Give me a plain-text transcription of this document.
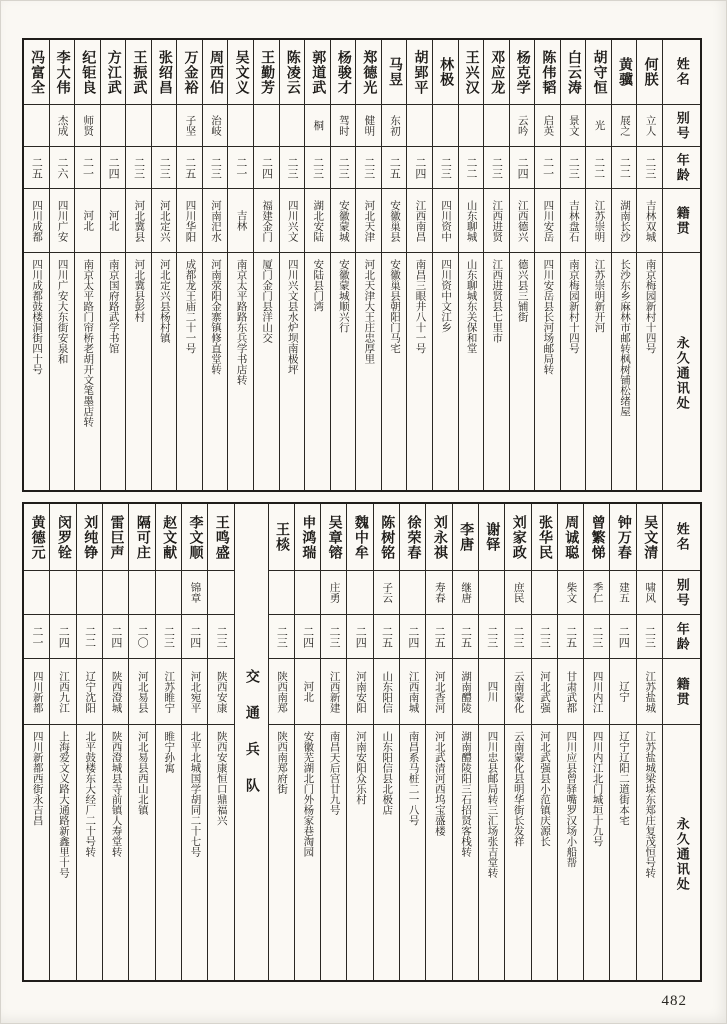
姓名
别号
年龄
籍贯
永久通讯处
何朕
立人
二三
吉林双城
南京梅园新村十四号
黄骥
展之
二二
湖南长沙
长沙东乡麻林市邮转枫树铺松绪屋
胡守恒
光
二二
江苏崇明
江苏崇明新开河
白云涛
景文
二三
吉林盘石
南京梅园新村十四号
陈伟韬
启英
二一
四川安岳
四川安岳县长河场邮局转
杨克学
云吟
二四
江西德兴
德兴县三铺街
邓应龙
二三
江西进贤
江西进贤县七里市
王兴汉
二二
山东聊城
山东聊城东关保和堂
林极
二三
四川资中
四川资中文江乡
胡郢平
二四
江西南昌
南昌三眼井八十一号
马昱
东初
二五
安徽巢县
安徽巢县朝阳门马宅
郑德光
健明
二三
河北天津
河北天津大王庄忠厚里
杨骏才
驾时
二三
安徽蒙城
安徽蒙城顺兴行
郭道武
桐
二三
湖北安陆
安陆县门湾
陈凌云
二三
四川兴文
四川兴文县水炉坝南极坪
王勤芳
二四
福建金门
厦门金门县洋山交
吴文义
二一
吉林
南京太平路路东兵学书店转
周西伯
治岐
二三
河南汜水
河南荥阳金寨镇修直堂转
万金裕
子坚
二五
四川华阳
成都龙王庙二十一号
张绍昌
二三
河北定兴
河北定兴县杨村镇
王振武
二三
河北冀县
河北冀县彭村
方江武
二四
河北
南京国府路武学书馆
纪钜良
师贤
二一
河北
南京太平路门帘桥老胡开文笔墨店转
李大伟
杰成
二六
四川广安
四川广安大东街安泉和
冯富全
二五
四川成都
四川成都鼓楼洞街四十号
姓名
别号
年龄
籍贯
永久通讯处
吴文清
啸风
二三
江苏盐城
江苏盐城梁垛东郑庄复茂恒号转
钟万春
建五
二四
辽宁
辽宁辽阳二道街本宅
曾繁悌
季仁
二三
四川内江
四川内江北门城垣十九号
周诚聪
柴文
二五
甘肃武都
四川应县曾驿嘴罗汉场小船帮
张华民
二三
河北武强
河北武强县小范镇庆源长
刘家政
庶民
二三
云南蒙化
云南蒙化县明华街长发祥
谢铎
二三
四川
四川忠县邮局转三汇场张吉堂转
李唐
继唐
二五
湖南醴陵
湖南醴陵阳三石招贤客栈转
刘永祺
寿春
二五
河北香河
河北武清河西坞宝盛楼
徐荣春
二四
江西南城
南昌系马桩二一八号
陈树铭
子云
二五
山东阳信
山东阳信县北极店
魏中牟
二四
河南安阳
河南安阳众乐村
吴章镕
庄勇
二三
江西新建
南昌天后宫廿九号
申鸿瑞
二四
河北
安徽芜湖北门外杨家巷淘园
王棪
二三
陕西南郑
陕西南郑府街
交通兵队
王鸣盛
二三
陕西安康
陕西安康恒口鼎福兴
李文顺
锦章
二四
河北宛平
北平北城国学胡同二十七号
赵文献
二三
江苏睢宁
睢宁孙寓
隔可庄
二〇
河北易县
河北易县西山北镇
雷巨声
二四
陕西澄城
陕西澄城县寺前镇人寿堂转
刘纯铮
二二
辽宁沈阳
北平鼓楼东大经厂二十号转
闵罗铨
二四
江西九江
上海爱文义路大通路新鑫里十号
黄德元
二一
四川新都
四川新都西街永吉昌
482
